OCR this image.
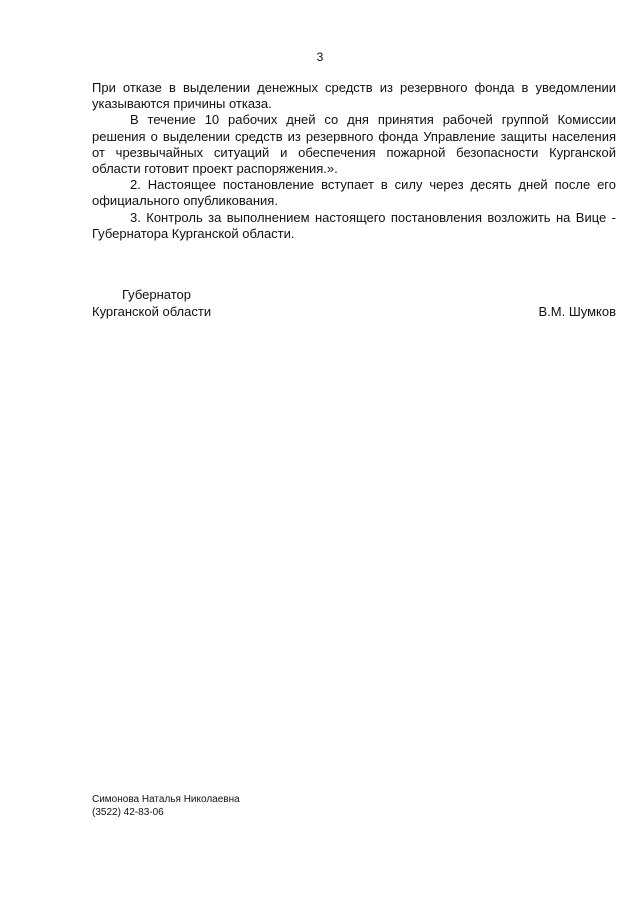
3

При отказе в выделении денежных средств из резервного фонда в уведомлении указываются причины отказа.

В течение 10 рабочих дней со дня принятия рабочей группой Комиссии решения о выделении средств из резервного фонда Управление защиты населения от чрезвычайных ситуаций и обеспечения пожарной безопасности Курганской области готовит проект распоряжения.».

2. Настоящее постановление вступает в силу через десять дней после его официального опубликования.

3. Контроль за выполнением настоящего постановления возложить на Вице - Губернатора Курганской области.

Губернатор
Курганской области	В.М. Шумков
Симонова Наталья Николаевна
(3522) 42-83-06
